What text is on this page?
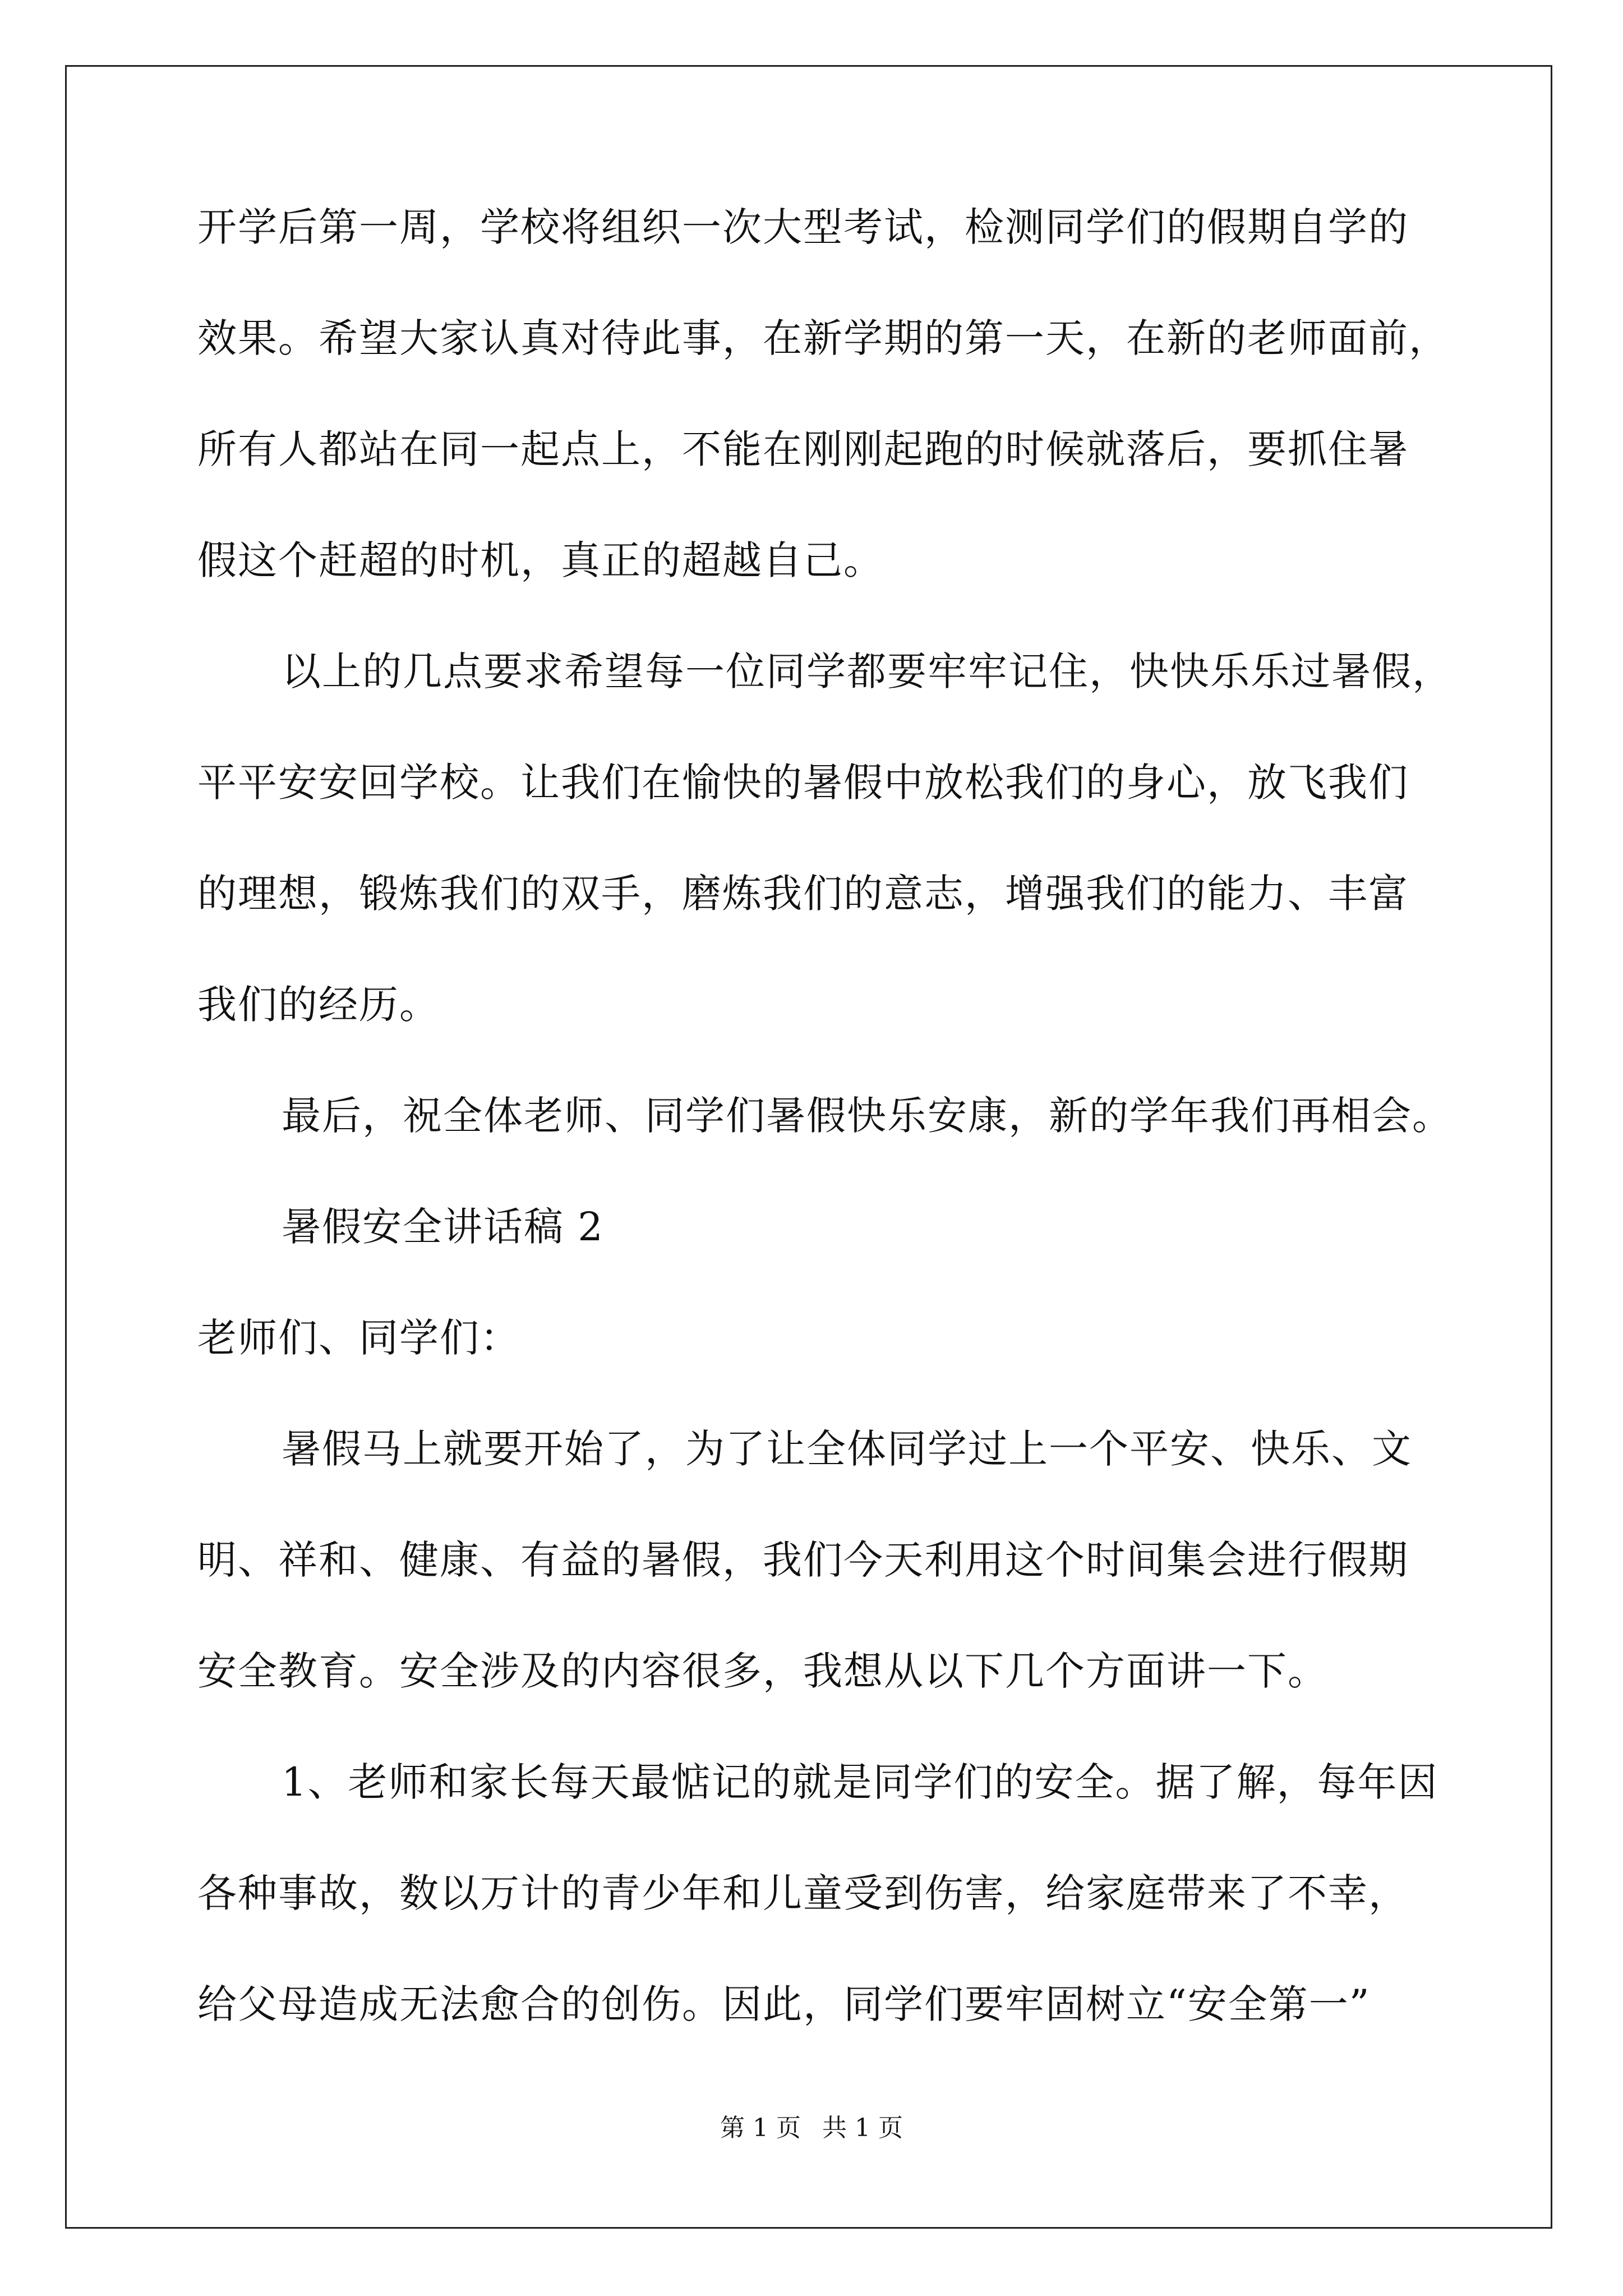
开学后第一周，学校将组织一次大型考试，检测同学们的假期自学的
效果。希望大家认真对待此事，在新学期的第一天，在新的老师面前，
所有人都站在同一起点上，不能在刚刚起跑的时候就落后，要抓住暑
假这个赶超的时机，真正的超越自己。
以上的几点要求希望每一位同学都要牢牢记住，快快乐乐过暑假，
平平安安回学校。让我们在愉快的暑假中放松我们的身心，放飞我们
的理想，锻炼我们的双手，磨炼我们的意志，增强我们的能力、丰富
我们的经历。
最后，祝全体老师、同学们暑假快乐安康，新的学年我们再相会。
暑假安全讲话稿 2
老师们、同学们：
暑假马上就要开始了，为了让全体同学过上一个平安、快乐、文
明、祥和、健康、有益的暑假，我们今天利用这个时间集会进行假期
安全教育。安全涉及的内容很多，我想从以下几个方面讲一下。
1、老师和家长每天最惦记的就是同学们的安全。据了解，每年因
各种事故，数以万计的青少年和儿童受到伤害，给家庭带来了不幸，
给父母造成无法愈合的创伤。因此，同学们要牢固树立“安全第一”
第 1 页 共 1 页
